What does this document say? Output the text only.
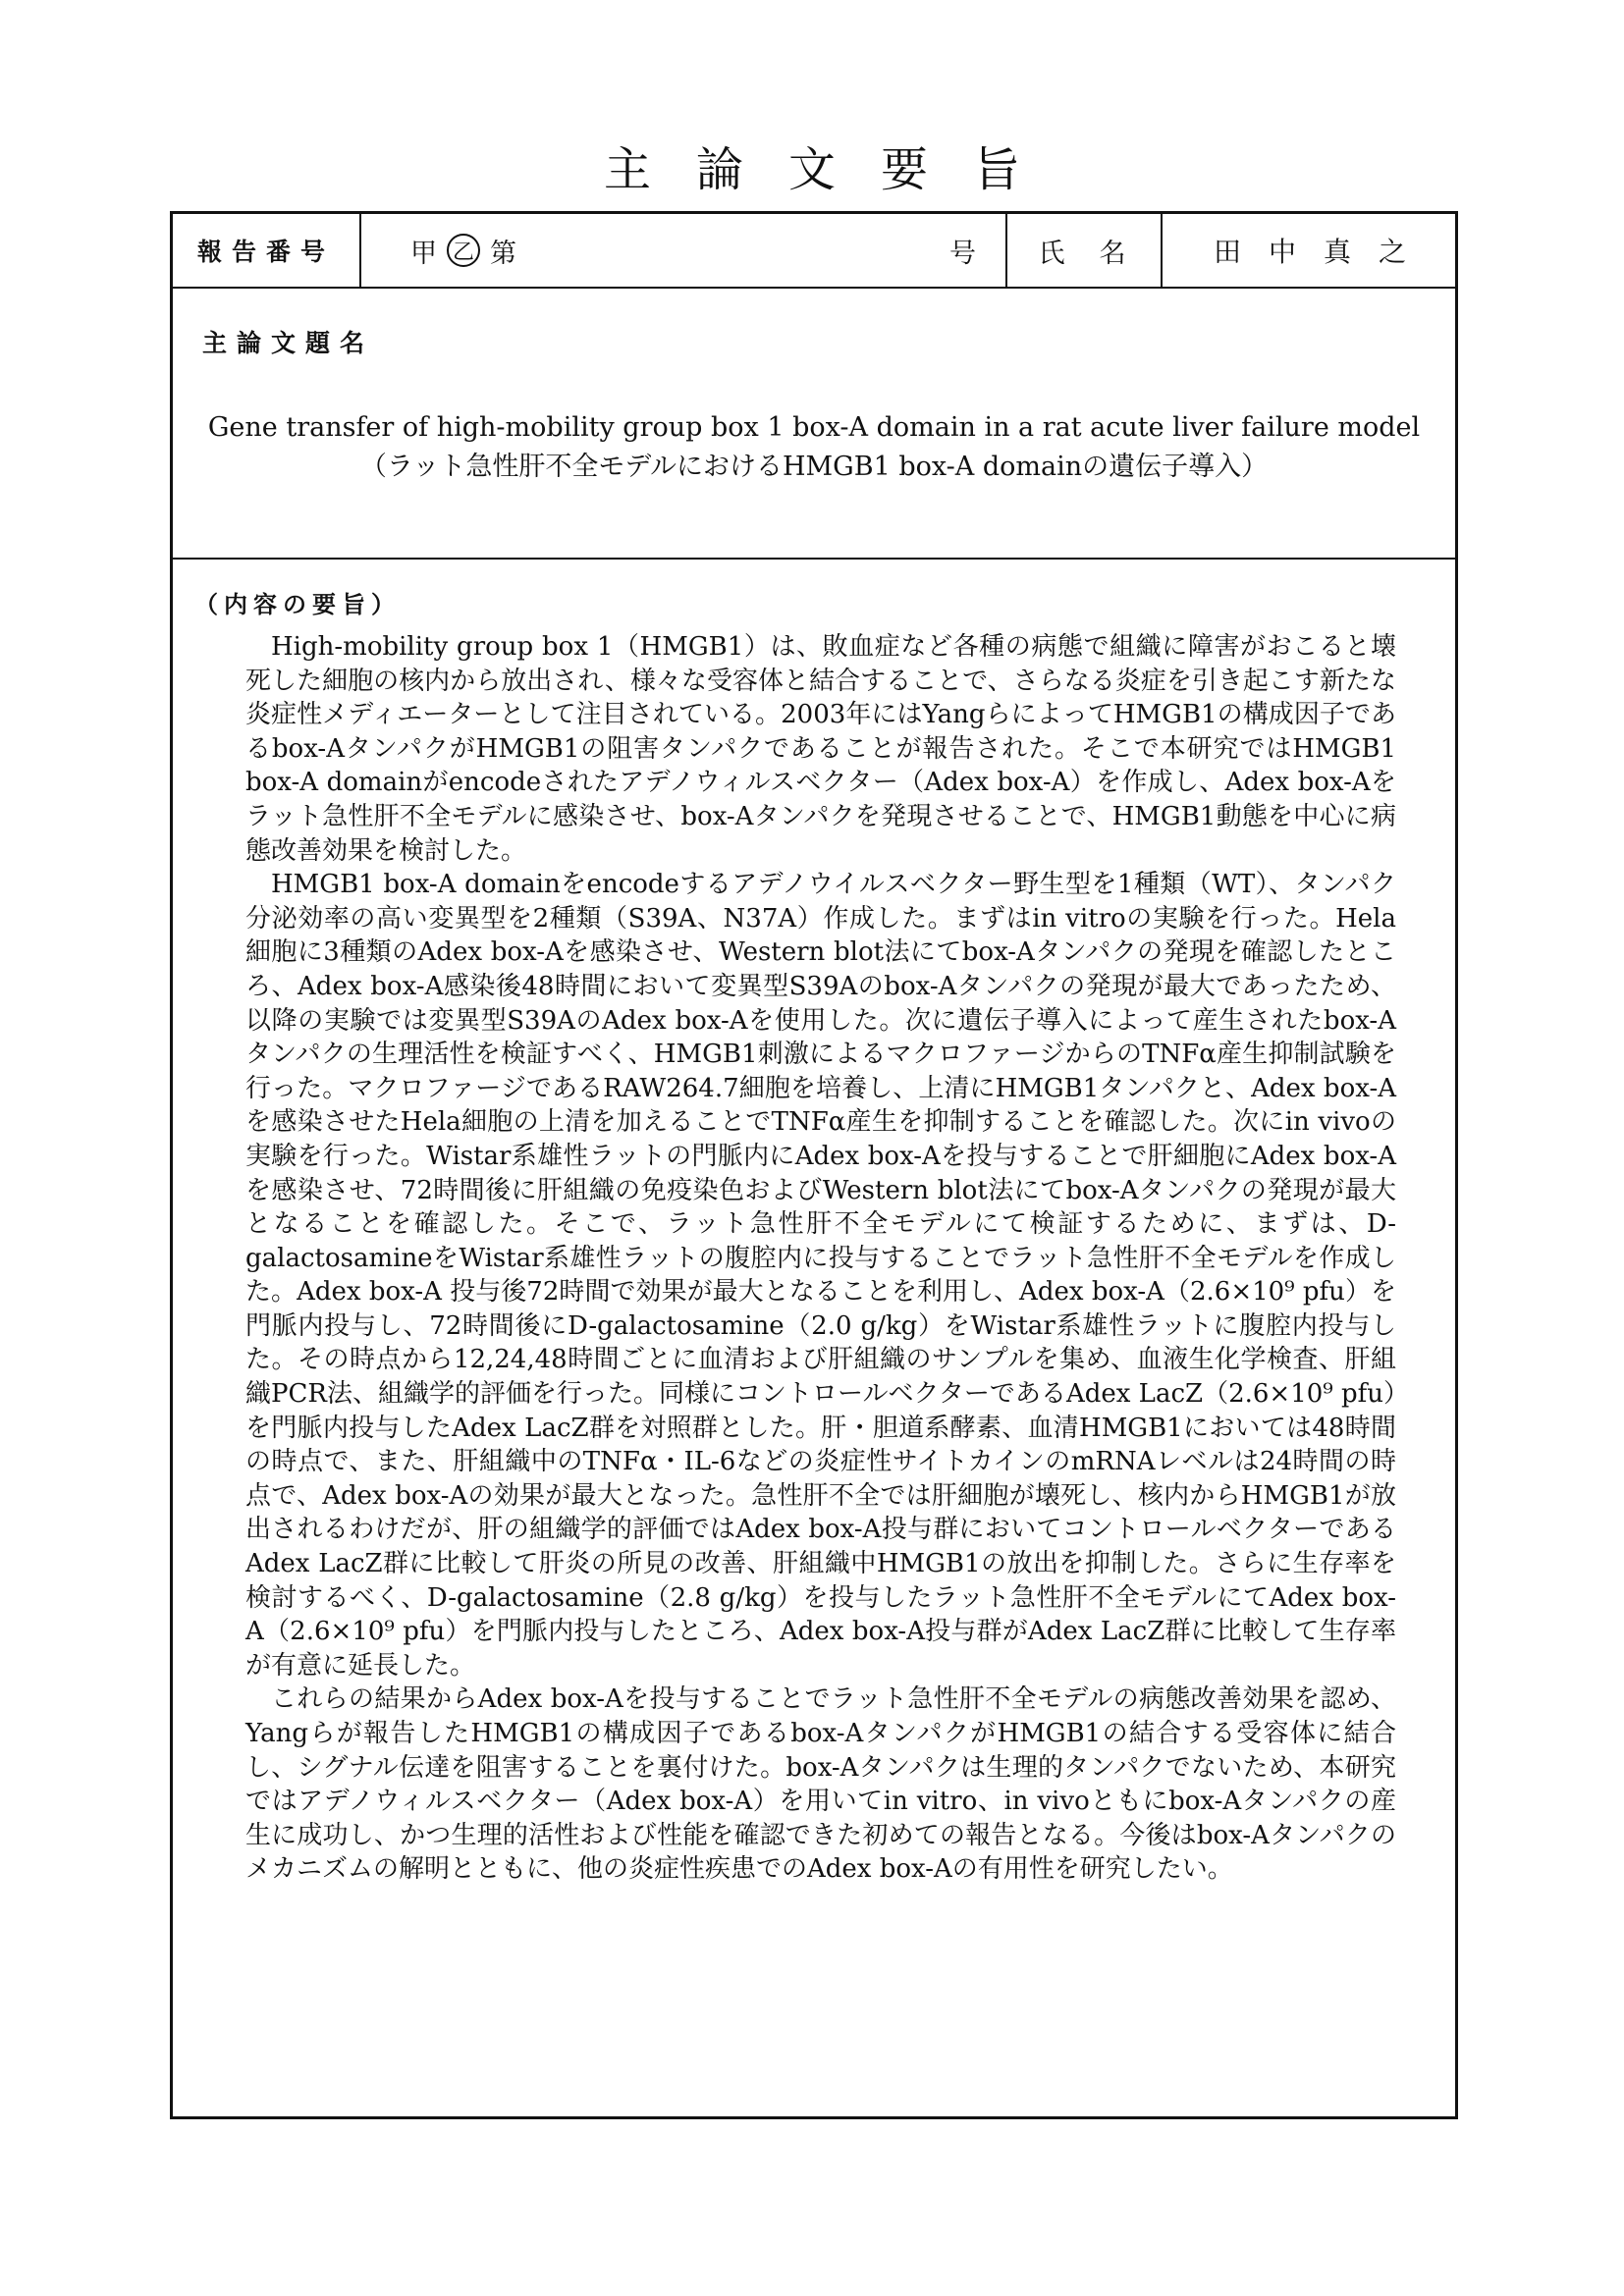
主論文要旨
報告番号	甲 乙 第	号	氏　名	田　中　真　之
主論文題名
Gene transfer of high-mobility group box 1 box-A domain in a rat acute liver failure model
（ラット急性肝不全モデルにおけるHMGB1 box-A domainの遺伝子導入）
（内容の要旨）

High-mobility group box 1（HMGB1）は、敗血症など各種の病態で組織に障害がおこると壊死した細胞の核内から放出され、様々な受容体と結合することで、さらなる炎症を引き起こす新たな炎症性メディエーターとして注目されている。2003年にはYangらによってHMGB1の構成因子であるbox-AタンパクがHMGB1の阻害タンパクであることが報告された。そこで本研究ではHMGB1 box-A domainがencodeされたアデノウィルスベクター（Adex box-A）を作成し、Adex box-Aをラット急性肝不全モデルに感染させ、box-Aタンパクを発現させることで、HMGB1動態を中心に病態改善効果を検討した。

HMGB1 box-A domainをencodeするアデノウイルスベクター野生型を1種類（WT）、タンパク分泌効率の高い変異型を2種類（S39A、N37A）作成した。まずはin vitroの実験を行った。Hela細胞に3種類のAdex box-Aを感染させ、Western blot法にてbox-Aタンパクの発現を確認したところ、Adex box-A感染後48時間において変異型S39Aのbox-Aタンパクの発現が最大であったため、以降の実験では変異型S39AのAdex box-Aを使用した。次に遺伝子導入によって産生されたbox-Aタンパクの生理活性を検証すべく、HMGB1刺激によるマクロファージからのTNFα産生抑制試験を行った。マクロファージであるRAW264.7細胞を培養し、上清にHMGB1タンパクと、Adex box-Aを感染させたHela細胞の上清を加えることでTNFα産生を抑制することを確認した。次にin vivoの実験を行った。Wistar系雄性ラットの門脈内にAdex box-Aを投与することで肝細胞にAdex box-Aを感染させ、72時間後に肝組織の免疫染色およびWestern blot法にてbox-Aタンパクの発現が最大となることを確認した。そこで、ラット急性肝不全モデルにて検証するために、まずは、D-galactosamineをWistar系雄性ラットの腹腔内に投与することでラット急性肝不全モデルを作成した。Adex box-A 投与後72時間で効果が最大となることを利用し、Adex box-A（2.6×10⁹ pfu）を門脈内投与し、72時間後にD-galactosamine（2.0 g/kg）をWistar系雄性ラットに腹腔内投与した。その時点から12,24,48時間ごとに血清および肝組織のサンプルを集め、血液生化学検査、肝組織PCR法、組織学的評価を行った。同様にコントロールベクターであるAdex LacZ（2.6×10⁹ pfu）を門脈内投与したAdex LacZ群を対照群とした。肝・胆道系酵素、血清HMGB1においては48時間の時点で、また、肝組織中のTNFα・IL-6などの炎症性サイトカインのmRNAレベルは24時間の時点で、Adex box-Aの効果が最大となった。急性肝不全では肝細胞が壊死し、核内からHMGB1が放出されるわけだが、肝の組織学的評価ではAdex box-A投与群においてコントロールベクターであるAdex LacZ群に比較して肝炎の所見の改善、肝組織中HMGB1の放出を抑制した。さらに生存率を検討するべく、D-galactosamine（2.8 g/kg）を投与したラット急性肝不全モデルにてAdex box-A（2.6×10⁹ pfu）を門脈内投与したところ、Adex box-A投与群がAdex LacZ群に比較して生存率が有意に延長した。

これらの結果からAdex box-Aを投与することでラット急性肝不全モデルの病態改善効果を認め、Yangらが報告したHMGB1の構成因子であるbox-AタンパクがHMGB1の結合する受容体に結合し、シグナル伝達を阻害することを裏付けた。box-Aタンパクは生理的タンパクでないため、本研究ではアデノウィルスベクター（Adex box-A）を用いてin vitro、in vivoともにbox-Aタンパクの産生に成功し、かつ生理的活性および性能を確認できた初めての報告となる。今後はbox-Aタンパクのメカニズムの解明とともに、他の炎症性疾患でのAdex box-Aの有用性を研究したい。
